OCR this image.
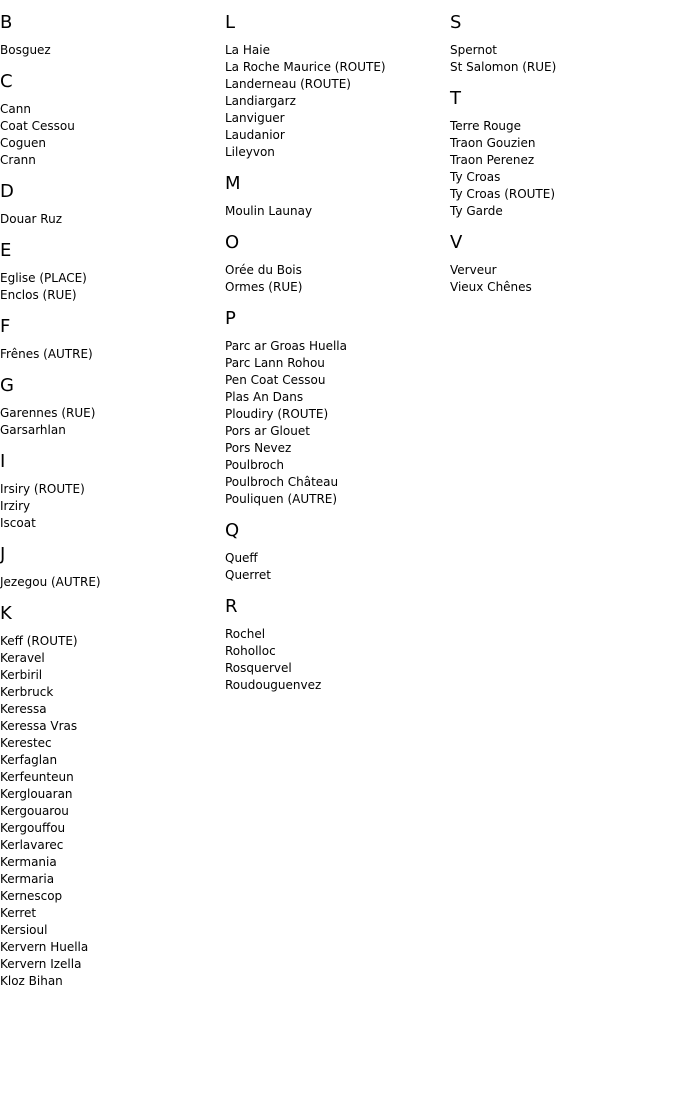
B
Bosguez
C
Cann
Coat Cessou
Coguen
Crann
D
Douar Ruz
E
Eglise (PLACE)
Enclos (RUE)
F
Frênes (AUTRE)
G
Garennes (RUE)
Garsarhlan
I
Irsiry (ROUTE)
Irziry
Iscoat
J
Jezegou (AUTRE)
K
Keff (ROUTE)
Keravel
Kerbiril
Kerbruck
Keressa
Keressa Vras
Kerestec
Kerfaglan
Kerfeunteun
Kerglouaran
Kergouarou
Kergouffou
Kerlavarec
Kermania
Kermaria
Kernescop
Kerret
Kersioul
Kervern Huella
Kervern Izella
Kloz Bihan
L
La Haie
La Roche Maurice (ROUTE)
Landerneau (ROUTE)
Landiargarz
Lanviguer
Laudanior
Lileyvon
M
Moulin Launay
O
Orée du Bois
Ormes (RUE)
P
Parc ar Groas Huella
Parc Lann Rohou
Pen Coat Cessou
Plas An Dans
Ploudiry (ROUTE)
Pors ar Glouet
Pors Nevez
Poulbroch
Poulbroch Château
Pouliquen (AUTRE)
Q
Queff
Querret
R
Rochel
Roholloc
Rosquervel
Roudouguenvez
S
Spernot
St Salomon (RUE)
T
Terre Rouge
Traon Gouzien
Traon Perenez
Ty Croas
Ty Croas (ROUTE)
Ty Garde
V
Verveur
Vieux Chênes
